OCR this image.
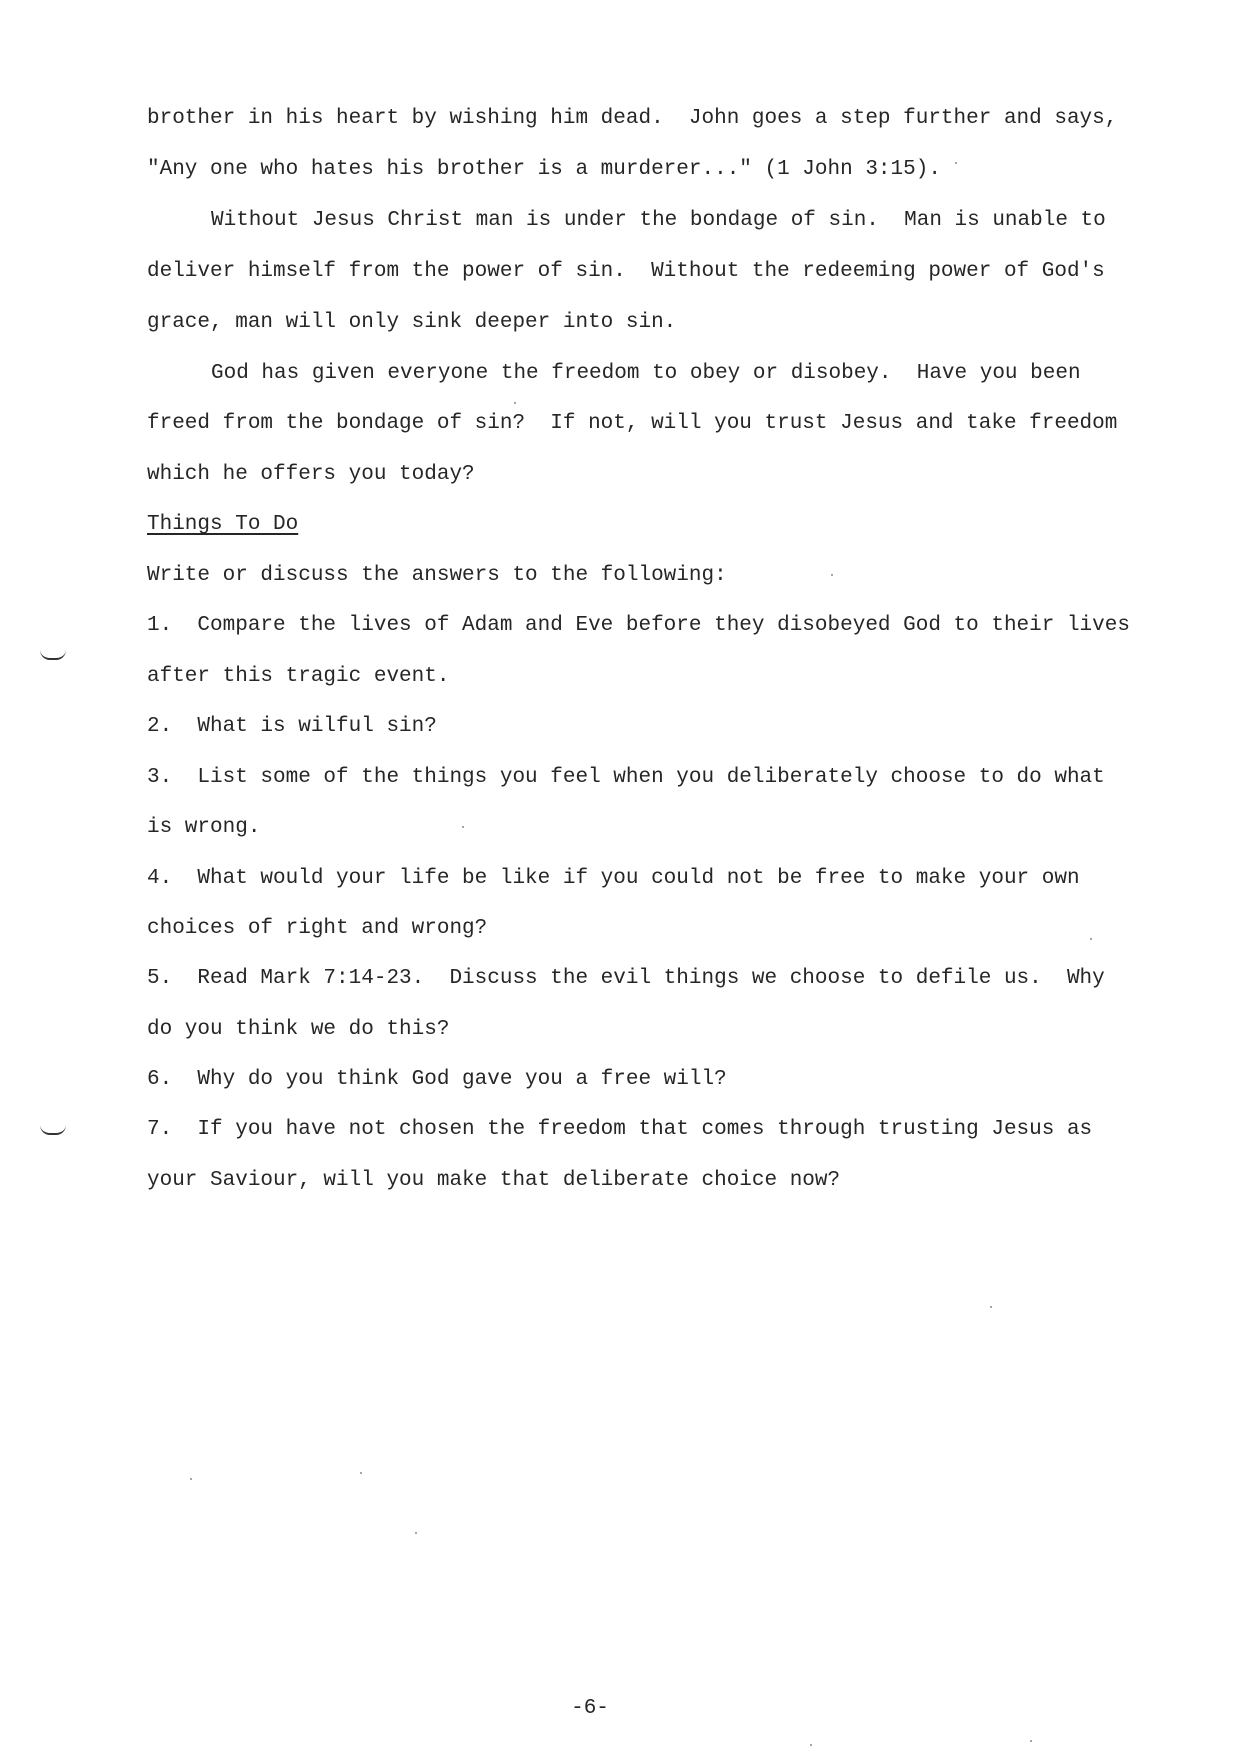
brother in his heart by wishing him dead.  John goes a step further and says,
"Any one who hates his brother is a murderer..." (1 John 3:15).
Without Jesus Christ man is under the bondage of sin.  Man is unable to
deliver himself from the power of sin.  Without the redeeming power of God's
grace, man will only sink deeper into sin.
God has given everyone the freedom to obey or disobey.  Have you been
freed from the bondage of sin?  If not, will you trust Jesus and take freedom
which he offers you today?
Things To Do
Write or discuss the answers to the following:
1.  Compare the lives of Adam and Eve before they disobeyed God to their lives
after this tragic event.
2.  What is wilful sin?
3.  List some of the things you feel when you deliberately choose to do what
is wrong.
4.  What would your life be like if you could not be free to make your own
choices of right and wrong?
5.  Read Mark 7:14-23.  Discuss the evil things we choose to defile us.  Why
do you think we do this?
6.  Why do you think God gave you a free will?
7.  If you have not chosen the freedom that comes through trusting Jesus as
your Saviour, will you make that deliberate choice now?
-6-
